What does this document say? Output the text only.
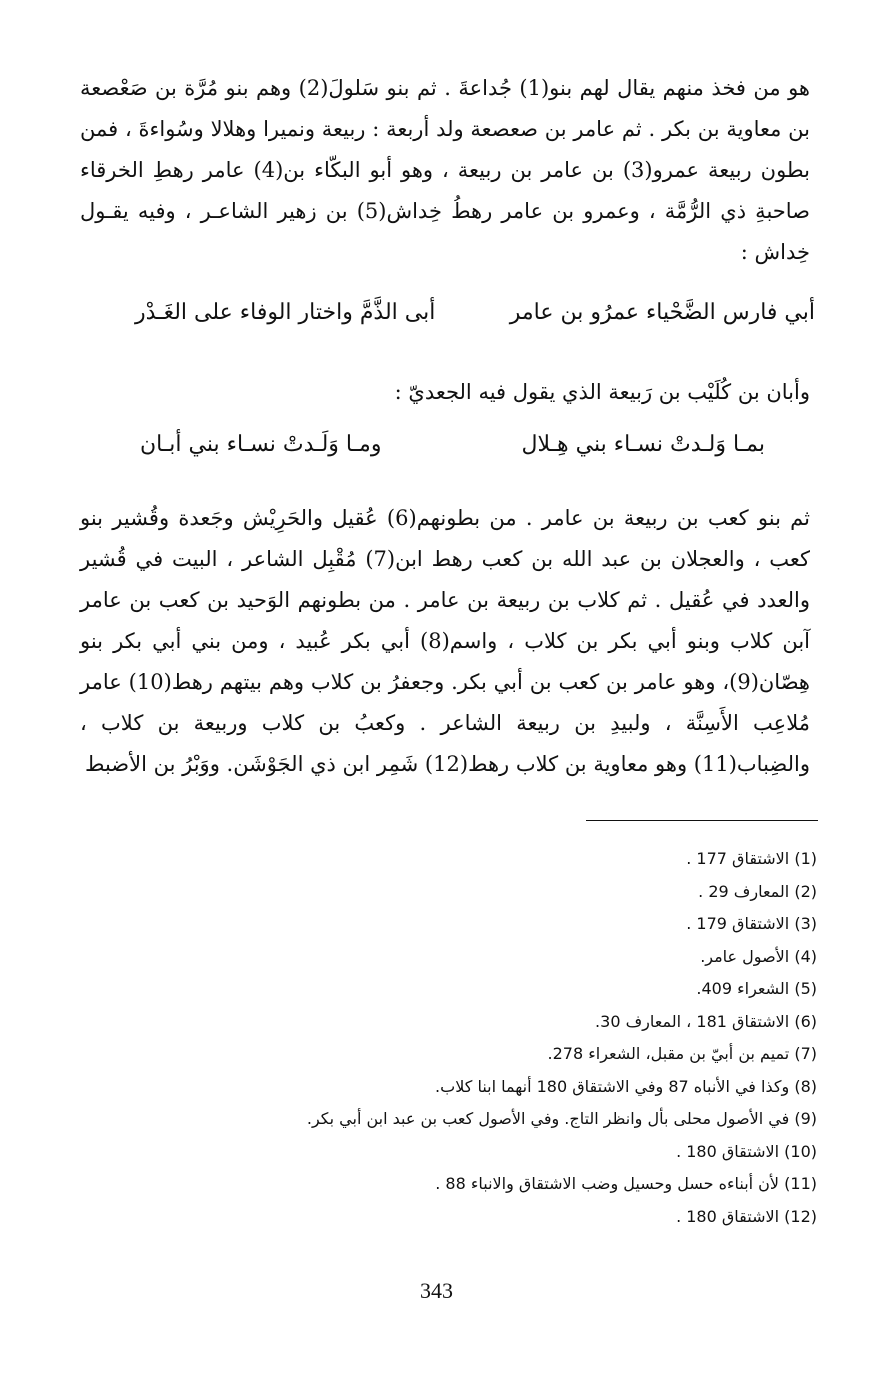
هو من فخذ منهم يقال لهم بنو(1) جُداعةَ . ثم بنو سَلولَ(2) وهم بنو مُرَّة بن صَعْصعة بن معاوية بن بكر . ثم عامر بن صعصعة ولد أربعة : ربيعة ونميرا وهلالا وسُواءةَ ، فمن بطون ربيعة عمرو(3) بن عامر بن ربيعة ، وهو أبو البكّاء بن(4) عامر رهطِ الخرقاء صاحبةِ ذي الرُّمَّة ، وعمرو بن عامر رهطُ خِداش(5) بن زهير الشاعـر ، وفيه يقـول خِداش :

أبي فارس الضَّحْياء عمرُو بن عامر
أبى الذَّمَّ واختار الوفاء على الغَـدْر

وأبان بن كُلَيْب بن رَبيعة الذي يقول فيه الجعديّ :

بمـا وَلـدتْ نسـاء بني هِـلال
ومـا وَلَـدتْ نسـاء بني أبـان

ثم بنو كعب بن ربيعة بن عامر . من بطونهم(6) عُقيل والحَرِيْش وجَعدة وقُشير بنو كعب ، والعجلان بن عبد الله بن كعب رهط ابن(7) مُقْبِل الشاعر ، البيت في قُشير والعدد في عُقيل . ثم كلاب بن ربيعة بن عامر . من بطونهم الوَحيد بن كعب بن عامر آبن كلاب وبنو أبي بكر بن كلاب ، واسم(8) أبي بكر عُبيد ، ومن بني أبي بكر بنو هِصّان(9)، وهو عامر بن كعب بن أبي بكر. وجعفرُ بن كلاب وهم بيتهم رهط(10) عامر مُلاعِب الأَسِنَّة ، ولبيدِ بن ربيعة الشاعر . وكعبُ بن كلاب وربيعة بن كلاب ، والضِباب(11) وهو معاوية بن كلاب رهط(12) شَمِر ابن ذي الجَوْشَن. ووَبْرُ بن الأضبط

(1) الاشتقاق 177 .
(2) المعارف 29 .
(3) الاشتقاق 179 .
(4) الأصول عامر.
(5) الشعراء 409.
(6) الاشتقاق 181 ، المعارف 30.
(7) تميم بن أبيّ بن مقبل، الشعراء 278.
(8) وكذا في الأنباه 87 وفي الاشتقاق 180 أنهما ابنا كلاب.
(9) في الأصول محلى بأل وانظر التاج. وفي الأصول كعب بن عبد ابن أبي بكر.
(10) الاشتقاق 180 .
(11) لأن أبناءه حسل وحسيل وضب الاشتقاق والانباء 88 .
(12) الاشتقاق 180 .
343
